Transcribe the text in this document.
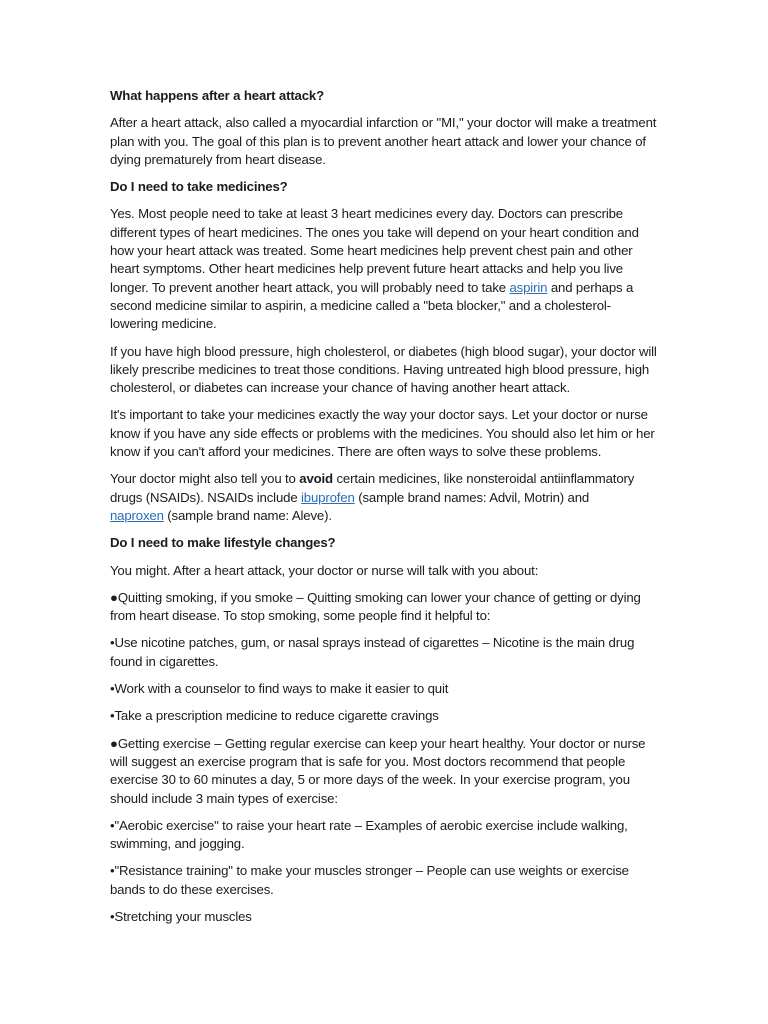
What happens after a heart attack?

After a heart attack, also called a myocardial infarction or "MI," your doctor will make a treatment plan with you. The goal of this plan is to prevent another heart attack and lower your chance of dying prematurely from heart disease.

Do I need to take medicines?

Yes. Most people need to take at least 3 heart medicines every day. Doctors can prescribe different types of heart medicines. The ones you take will depend on your heart condition and how your heart attack was treated. Some heart medicines help prevent chest pain and other heart symptoms. Other heart medicines help prevent future heart attacks and help you live longer. To prevent another heart attack, you will probably need to take aspirin and perhaps a second medicine similar to aspirin, a medicine called a "beta blocker," and a cholesterol-lowering medicine.

If you have high blood pressure, high cholesterol, or diabetes (high blood sugar), your doctor will likely prescribe medicines to treat those conditions. Having untreated high blood pressure, high cholesterol, or diabetes can increase your chance of having another heart attack.

It's important to take your medicines exactly the way your doctor says. Let your doctor or nurse know if you have any side effects or problems with the medicines. You should also let him or her know if you can't afford your medicines. There are often ways to solve these problems.

Your doctor might also tell you to avoid certain medicines, like nonsteroidal antiinflammatory drugs (NSAIDs). NSAIDs include ibuprofen (sample brand names: Advil, Motrin) and
naproxen (sample brand name: Aleve).

Do I need to make lifestyle changes?

You might. After a heart attack, your doctor or nurse will talk with you about:

●Quitting smoking, if you smoke – Quitting smoking can lower your chance of getting or dying from heart disease. To stop smoking, some people find it helpful to:

•Use nicotine patches, gum, or nasal sprays instead of cigarettes – Nicotine is the main drug found in cigarettes.

•Work with a counselor to find ways to make it easier to quit

•Take a prescription medicine to reduce cigarette cravings

●Getting exercise – Getting regular exercise can keep your heart healthy. Your doctor or nurse will suggest an exercise program that is safe for you. Most doctors recommend that people exercise 30 to 60 minutes a day, 5 or more days of the week. In your exercise program, you should include 3 main types of exercise:

•"Aerobic exercise" to raise your heart rate – Examples of aerobic exercise include walking, swimming, and jogging.

•"Resistance training" to make your muscles stronger – People can use weights or exercise bands to do these exercises.

•Stretching your muscles
